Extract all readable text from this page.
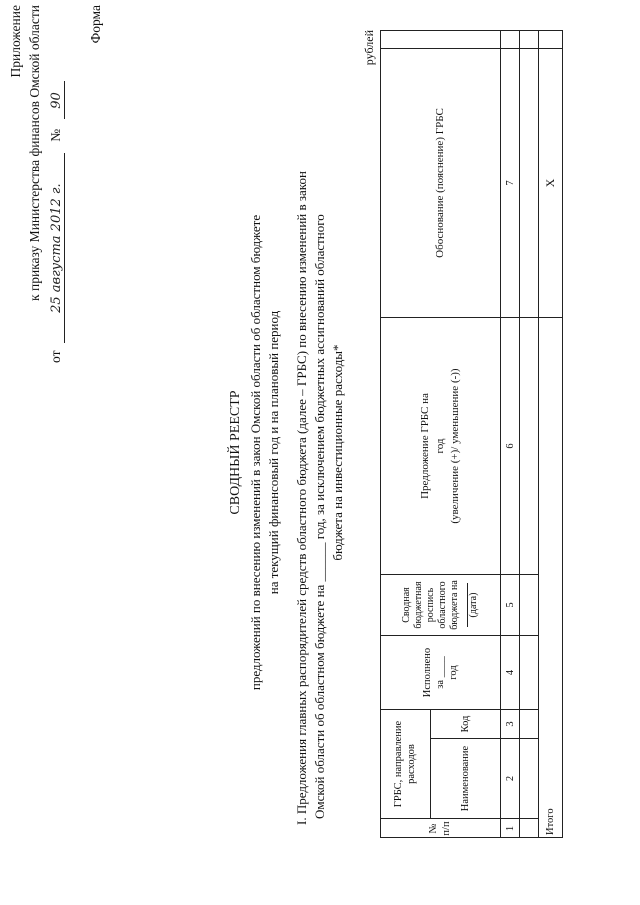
Приложение к приказу Министерства финансов Омской области
от 25 августа 2012 г. № 90
Форма
СВОДНЫЙ РЕЕСТР предложений по внесению изменений в закон Омской области об областном бюджете на текущий финансовый год и на плановый период I. Предложения главных распорядителей средств областного бюджета (далее – ГРБС) по внесению изменений в закон Омской области об областном бюджете на ______ год, за исключением бюджетных ассигнований областного бюджета на инвестиционные расходы*
рублей
№ п/п
ГРБС, направление расходов	Наименование
Код
Исполнено за ____ год
Сводная бюджетная роспись областного бюджета на (дата)
Предложение ГРБС на год (увеличение (+)/ уменьшение (-))
Обоснование (пояснение) ГРБС
1
2
3
4
5
6
7
Итого
Х
